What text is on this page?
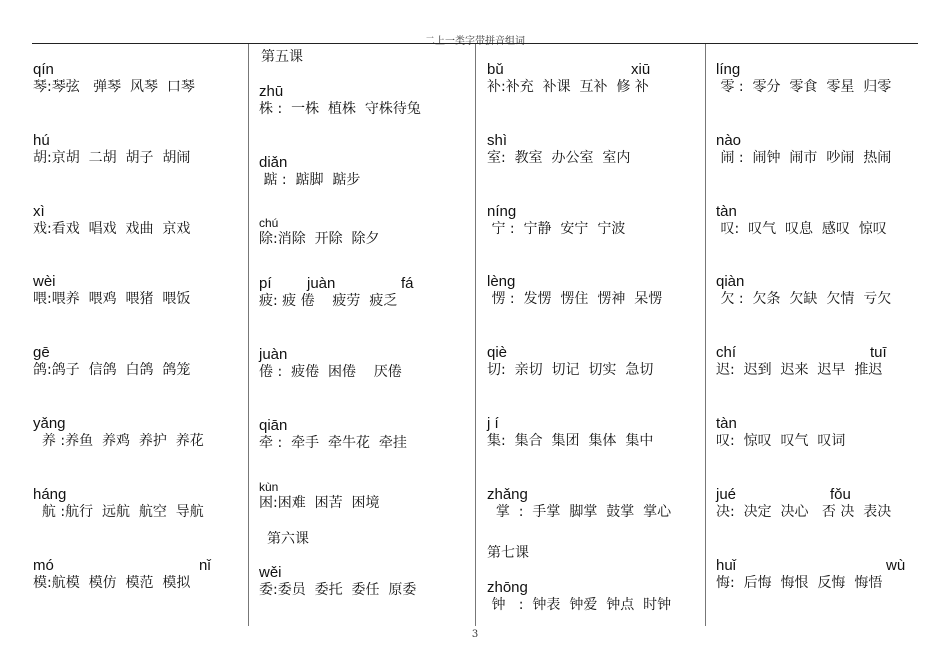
二上一类字带拼音组词
qín
琴:琴弦   弹琴  风琴  口琴
hú
胡:京胡  二胡  胡子  胡闹
xì
戏:看戏  唱戏  戏曲  京戏
wèi
喂:喂养  喂鸡  喂猪  喂饭
gē
鸽:鸽子  信鸽  白鸽  鸽笼
yǎng
养 :养鱼  养鸡  养护  养花
háng
航 :航行  远航  航空  导航

mó

	nǐ

模:航模  模仿  模范  模拟
第五课
zhū
株 :  一株  植株  守株待兔
diǎn
踮 :  踮脚  踮步
chú
除:消除  开除  除夕

pí

juàn

	fá

疲: 疲 倦    疲劳  疲乏
juàn
倦 :  疲倦  困倦    厌倦
qiān
牵 :  牵手  牵牛花  牵挂
kùn
困:困难  困苦  困境
第六课
wěi
委:委员  委托  委任  原委

bǔ

	xiū

补:补充  补课  互补  修 补
shì
室:  教室  办公室  室内
níng
宁 :  宁静  安宁  宁波
lèng
愣 :  发愣  愣住  愣神  呆愣
qiè
切:  亲切  切记  切实  急切
j í
集:  集合  集团  集体  集中
zhǎng
掌  :  手掌  脚掌  鼓掌  掌心
第七课
zhōng
钟   :  钟表  钟爱  钟点  时钟
líng
零 :  零分  零食  零星  归零
nào
闹 :  闹钟  闹市  吵闹  热闹
tàn
叹:  叹气  叹息  感叹  惊叹
qiàn
欠 :  欠条  欠缺  欠情  亏欠

chí

	tuī

迟:  迟到  迟来  迟早  推迟
tàn
叹:  惊叹  叹气  叹词

jué

	fǒu

决:  决定  决心   否 决  表决

huǐ

	wù

悔:  后悔  悔恨  反悔  悔悟
3
